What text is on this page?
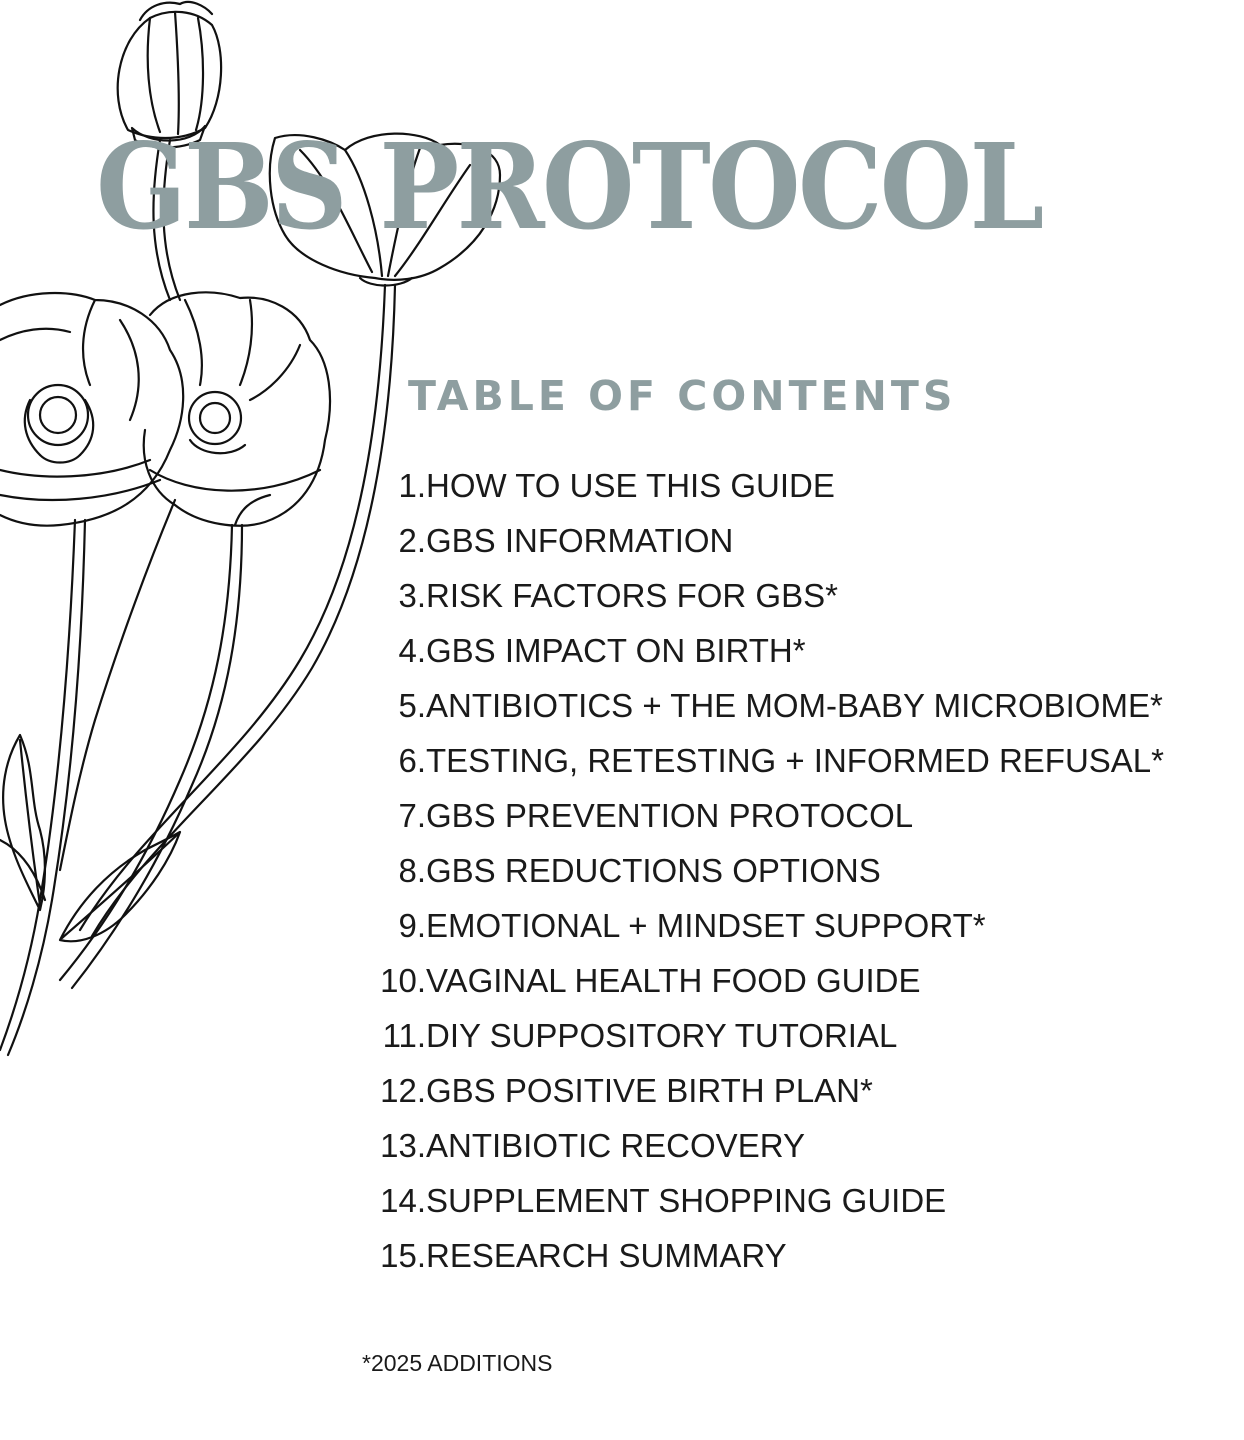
GBS PROTOCOL
TABLE OF CONTENTS
1. HOW TO USE THIS GUIDE
2. GBS INFORMATION
3. RISK FACTORS FOR GBS*
4. GBS IMPACT ON BIRTH*
5. ANTIBIOTICS + THE MOM-BABY MICROBIOME*
6. TESTING, RETESTING + INFORMED REFUSAL*
7. GBS PREVENTION PROTOCOL
8. GBS REDUCTIONS OPTIONS
9. EMOTIONAL + MINDSET SUPPORT*
10. VAGINAL HEALTH FOOD GUIDE
11. DIY SUPPOSITORY TUTORIAL
12. GBS POSITIVE BIRTH PLAN*
13. ANTIBIOTIC RECOVERY
14. SUPPLEMENT SHOPPING GUIDE
15. RESEARCH SUMMARY
*2025 ADDITIONS
